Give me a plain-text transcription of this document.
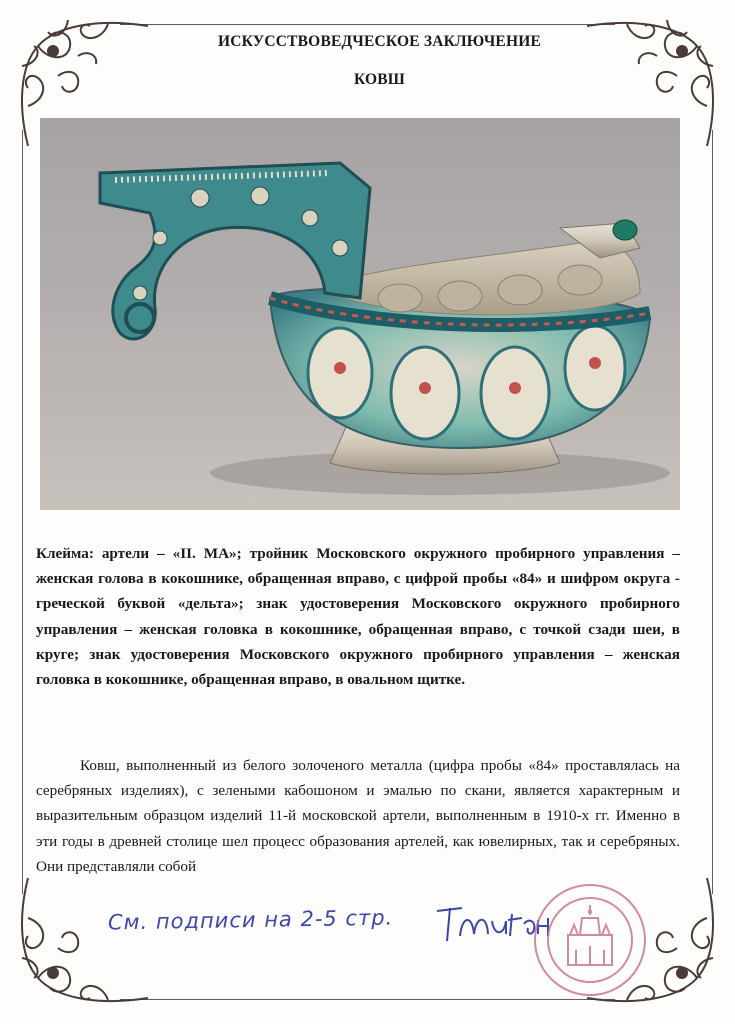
ИСКУССТВОВЕДЧЕСКОЕ ЗАКЛЮЧЕНИЕ
КОВШ
Клейма: артели – «II. МА»; тройник Московского окружного пробирного управления – женская голова в кокошнике, обращенная вправо, с цифрой пробы «84» и шифром округа - греческой буквой «дельта»; знак удостоверения Московского окружного пробирного управления – женская головка в кокошнике, обращенная вправо, с точкой сзади шеи, в круге; знак удостоверения Московского окружного пробирного управления – женская головка в кокошнике, обращенная вправо, в овальном щитке.
Ковш, выполненный из белого золоченого металла (цифра пробы «84» проставлялась на серебряных изделиях), с зелеными кабошоном и эмалью по скани, является характерным и выразительным образцом изделий 11-й московской артели, выполненным в 1910-х гг. Именно в эти годы в древней столице шел процесс образования артелей, как ювелирных, так и серебряных. Они представляли собой
См. подписи на 2-5 стр.
